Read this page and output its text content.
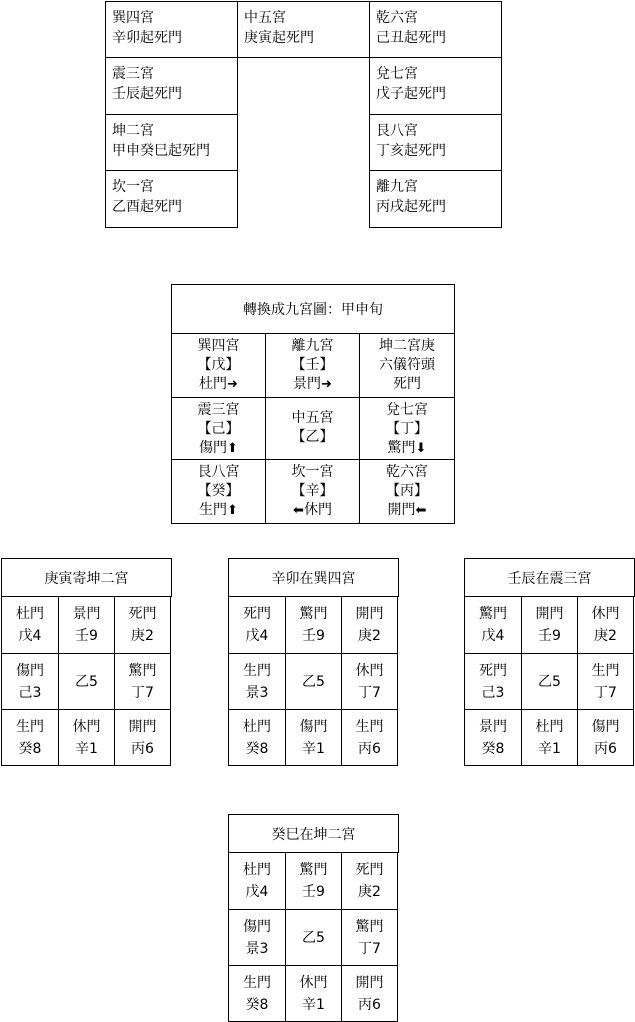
巽四宮
辛卯起死門
震三宮
壬辰起死門
坤二宮
甲申癸巳起死門
坎一宮
乙酉起死門
中五宮
庚寅起死門
乾六宮
己丑起死門
兌七宮
戊子起死門
艮八宮
丁亥起死門
離九宮
丙戌起死門
轉換成九宮圖：甲申旬
巽四宮
【戊】
杜門➜
離九宮
【壬】
景門➜
坤二宮庚
六儀符頭
死門
震三宮
【己】
傷門⬆
中五宮
【乙】
兌七宮
【丁】
驚門⬇
艮八宮
【癸】
生門⬆
坎一宮
【辛】
⬅休門
乾六宮
【丙】
開門⬅
庚寅寄坤二宮
杜門
戊4
景門
壬9
死門
庚2
傷門
己3
乙5
驚門
丁7
生門
癸8
休門
辛1
開門
丙6
辛卯在巽四宮
死門
戊4
驚門
壬9
開門
庚2
生門
景3
乙5
休門
丁7
杜門
癸8
傷門
辛1
生門
丙6
壬辰在震三宮
驚門
戊4
開門
壬9
休門
庚2
死門
己3
乙5
生門
丁7
景門
癸8
杜門
辛1
傷門
丙6
癸巳在坤二宮
杜門
戊4
驚門
壬9
死門
庚2
傷門
景3
乙5
驚門
丁7
生門
癸8
休門
辛1
開門
丙6
